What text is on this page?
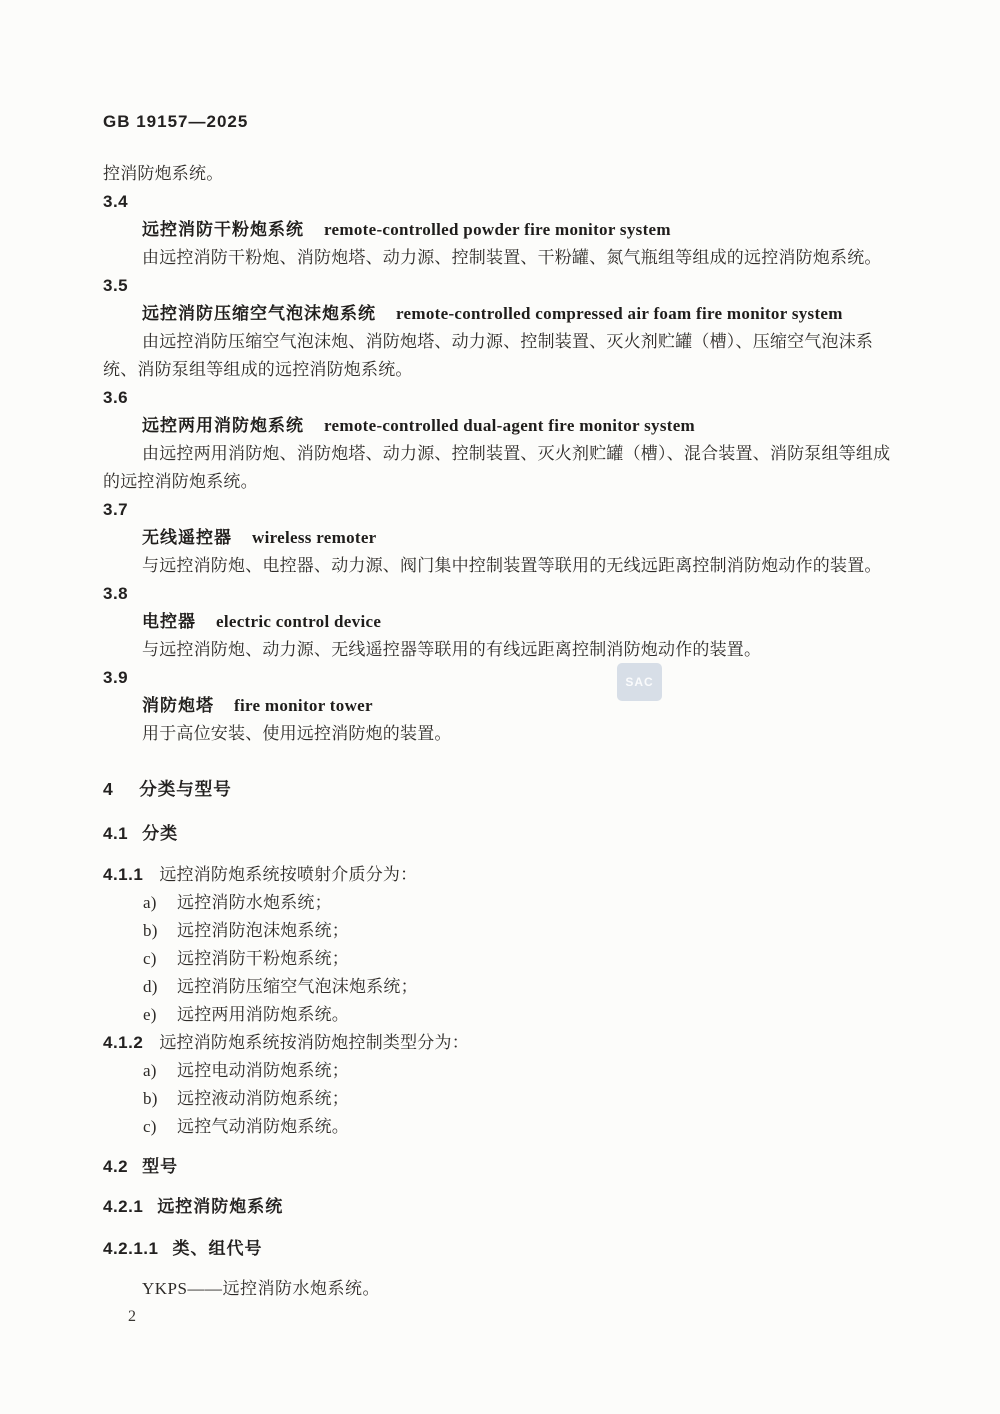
GB 19157—2025
SAC

控消防炮系统。

3.4

远控消防干粉炮系统 remote-controlled powder fire monitor system

由远控消防干粉炮、消防炮塔、动力源、控制装置、干粉罐、氮气瓶组等组成的远控消防炮系统。

3.5

远控消防压缩空气泡沫炮系统 remote-controlled compressed air foam fire monitor system

由远控消防压缩空气泡沫炮、消防炮塔、动力源、控制装置、灭火剂贮罐（槽）、压缩空气泡沫系统、消防泵组等组成的远控消防炮系统。

3.6

远控两用消防炮系统 remote-controlled dual-agent fire monitor system

由远控两用消防炮、消防炮塔、动力源、控制装置、灭火剂贮罐（槽）、混合装置、消防泵组等组成的远控消防炮系统。

3.7

无线遥控器 wireless remoter

与远控消防炮、电控器、动力源、阀门集中控制装置等联用的无线远距离控制消防炮动作的装置。

3.8

电控器 electric control device

与远控消防炮、动力源、无线遥控器等联用的有线远距离控制消防炮动作的装置。

3.9

消防炮塔 fire monitor tower

用于高位安装、使用远控消防炮的装置。

4 分类与型号

4.1 分类

4.1.1 远控消防炮系统按喷射介质分为：

a) 远控消防水炮系统；

b) 远控消防泡沫炮系统；

c) 远控消防干粉炮系统；

d) 远控消防压缩空气泡沫炮系统；

e) 远控两用消防炮系统。

4.1.2 远控消防炮系统按消防炮控制类型分为：

a) 远控电动消防炮系统；

b) 远控液动消防炮系统；

c) 远控气动消防炮系统。

4.2 型号

4.2.1 远控消防炮系统

4.2.1.1 类、组代号

YKPS——远控消防水炮系统。

2
